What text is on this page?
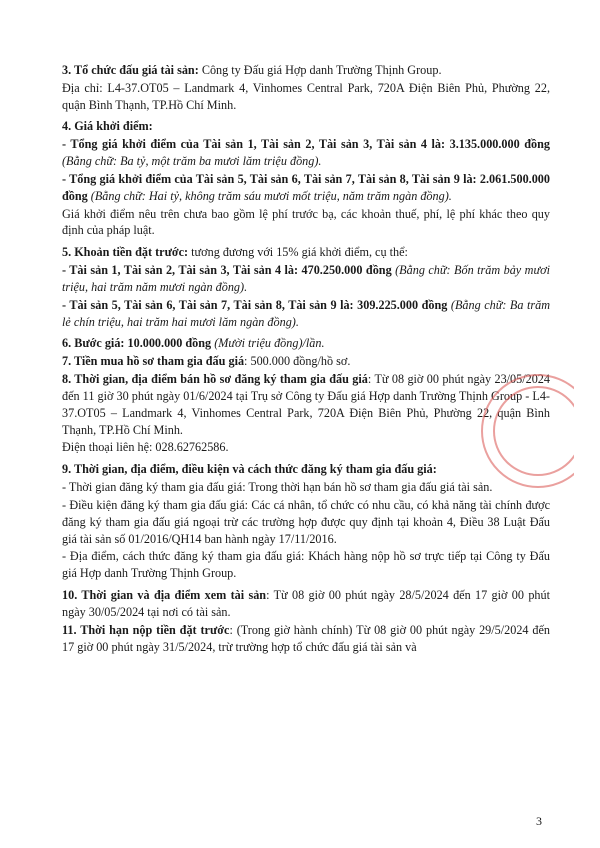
3. Tổ chức đấu giá tài sản: Công ty Đấu giá Hợp danh Trường Thịnh Group.

Địa chỉ: L4-37.OT05 – Landmark 4, Vinhomes Central Park, 720A Điện Biên Phủ, Phường 22, quận Bình Thạnh, TP.Hồ Chí Minh.

4. Giá khởi điểm:

- Tổng giá khởi điểm của Tài sản 1, Tài sản 2, Tài sản 3, Tài sản 4 là: 3.135.000.000 đồng (Bằng chữ: Ba tỷ, một trăm ba mươi lăm triệu đồng).

- Tổng giá khởi điểm của Tài sản 5, Tài sản 6, Tài sản 7, Tài sản 8, Tài sản 9 là: 2.061.500.000 đồng (Bằng chữ: Hai tỷ, không trăm sáu mươi mốt triệu, năm trăm ngàn đồng).

Giá khởi điểm nêu trên chưa bao gồm lệ phí trước bạ, các khoản thuế, phí, lệ phí khác theo quy định của pháp luật.

5. Khoản tiền đặt trước: tương đương với 15% giá khởi điểm, cụ thể:

- Tài sản 1, Tài sản 2, Tài sản 3, Tài sản 4 là: 470.250.000 đồng (Bằng chữ: Bốn trăm bảy mươi triệu, hai trăm năm mươi ngàn đồng).

- Tài sản 5, Tài sản 6, Tài sản 7, Tài sản 8, Tài sản 9 là: 309.225.000 đồng (Bằng chữ: Ba trăm lẻ chín triệu, hai trăm hai mươi lăm ngàn đồng).

6. Bước giá: 10.000.000 đồng (Mười triệu đồng)/lần.

7. Tiền mua hồ sơ tham gia đấu giá: 500.000 đồng/hồ sơ.

8. Thời gian, địa điểm bán hồ sơ đăng ký tham gia đấu giá: Từ 08 giờ 00 phút ngày 23/05/2024 đến 11 giờ 30 phút ngày 01/6/2024 tại Trụ sở Công ty Đấu giá Hợp danh Trường Thịnh Group - L4-37.OT05 – Landmark 4, Vinhomes Central Park, 720A Điện Biên Phủ, Phường 22, quận Bình Thạnh, TP.Hồ Chí Minh.

Điện thoại liên hệ: 028.62762586.

9. Thời gian, địa điểm, điều kiện và cách thức đăng ký tham gia đấu giá:

- Thời gian đăng ký tham gia đấu giá: Trong thời hạn bán hồ sơ tham gia đấu giá tài sản.

- Điều kiện đăng ký tham gia đấu giá: Các cá nhân, tổ chức có nhu cầu, có khả năng tài chính được đăng ký tham gia đấu giá ngoại trừ các trường hợp được quy định tại khoản 4, Điều 38 Luật Đấu giá tài sản số 01/2016/QH14 ban hành ngày 17/11/2016.

- Địa điểm, cách thức đăng ký tham gia đấu giá: Khách hàng nộp hồ sơ trực tiếp tại Công ty Đấu giá Hợp danh Trường Thịnh Group.

10. Thời gian và địa điểm xem tài sản: Từ 08 giờ 00 phút ngày 28/5/2024 đến 17 giờ 00 phút ngày 30/05/2024 tại nơi có tài sản.

11. Thời hạn nộp tiền đặt trước: (Trong giờ hành chính) Từ 08 giờ 00 phút ngày 29/5/2024 đến 17 giờ 00 phút ngày 31/5/2024, trừ trường hợp tổ chức đấu giá tài sản và

3
